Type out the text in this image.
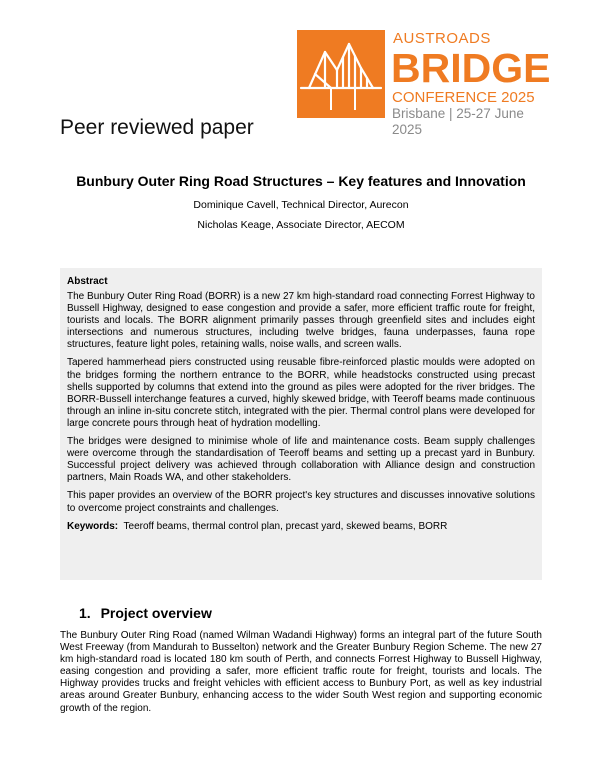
AUSTROADS
BRIDGE
CONFERENCE 2025
Brisbane | 25-27 June 2025
Peer reviewed paper
Bunbury Outer Ring Road Structures – Key features and Innovation
Dominique Cavell, Technical Director, Aurecon
Nicholas Keage, Associate Director, AECOM
Abstract

The Bunbury Outer Ring Road (BORR) is a new 27 km high-standard road connecting Forrest Highway to Bussell Highway, designed to ease congestion and provide a safer, more efficient traffic route for freight, tourists and locals. The BORR alignment primarily passes through greenfield sites and includes eight intersections and numerous structures, including twelve bridges, fauna underpasses, fauna rope structures, feature light poles, retaining walls, noise walls, and screen walls.

Tapered hammerhead piers constructed using reusable fibre-reinforced plastic moulds were adopted on the bridges forming the northern entrance to the BORR, while headstocks constructed using precast shells supported by columns that extend into the ground as piles were adopted for the river bridges. The BORR-Bussell interchange features a curved, highly skewed bridge, with Teeroff beams made continuous through an inline in-situ concrete stitch, integrated with the pier. Thermal control plans were developed for large concrete pours through heat of hydration modelling.

The bridges were designed to minimise whole of life and maintenance costs. Beam supply challenges were overcome through the standardisation of Teeroff beams and setting up a precast yard in Bunbury. Successful project delivery was achieved through collaboration with Alliance design and construction partners, Main Roads WA, and other stakeholders.

This paper provides an overview of the BORR project's key structures and discusses innovative solutions to overcome project constraints and challenges.

Keywords: Teeroff beams, thermal control plan, precast yard, skewed beams, BORR
1. Project overview

The Bunbury Outer Ring Road (named Wilman Wadandi Highway) forms an integral part of the future South West Freeway (from Mandurah to Busselton) network and the Greater Bunbury Region Scheme. The new 27 km high-standard road is located 180 km south of Perth, and connects Forrest Highway to Bussell Highway, easing congestion and providing a safer, more efficient traffic route for freight, tourists and locals. The Highway provides trucks and freight vehicles with efficient access to Bunbury Port, as well as key industrial areas around Greater Bunbury, enhancing access to the wider South West region and supporting economic growth of the region.
